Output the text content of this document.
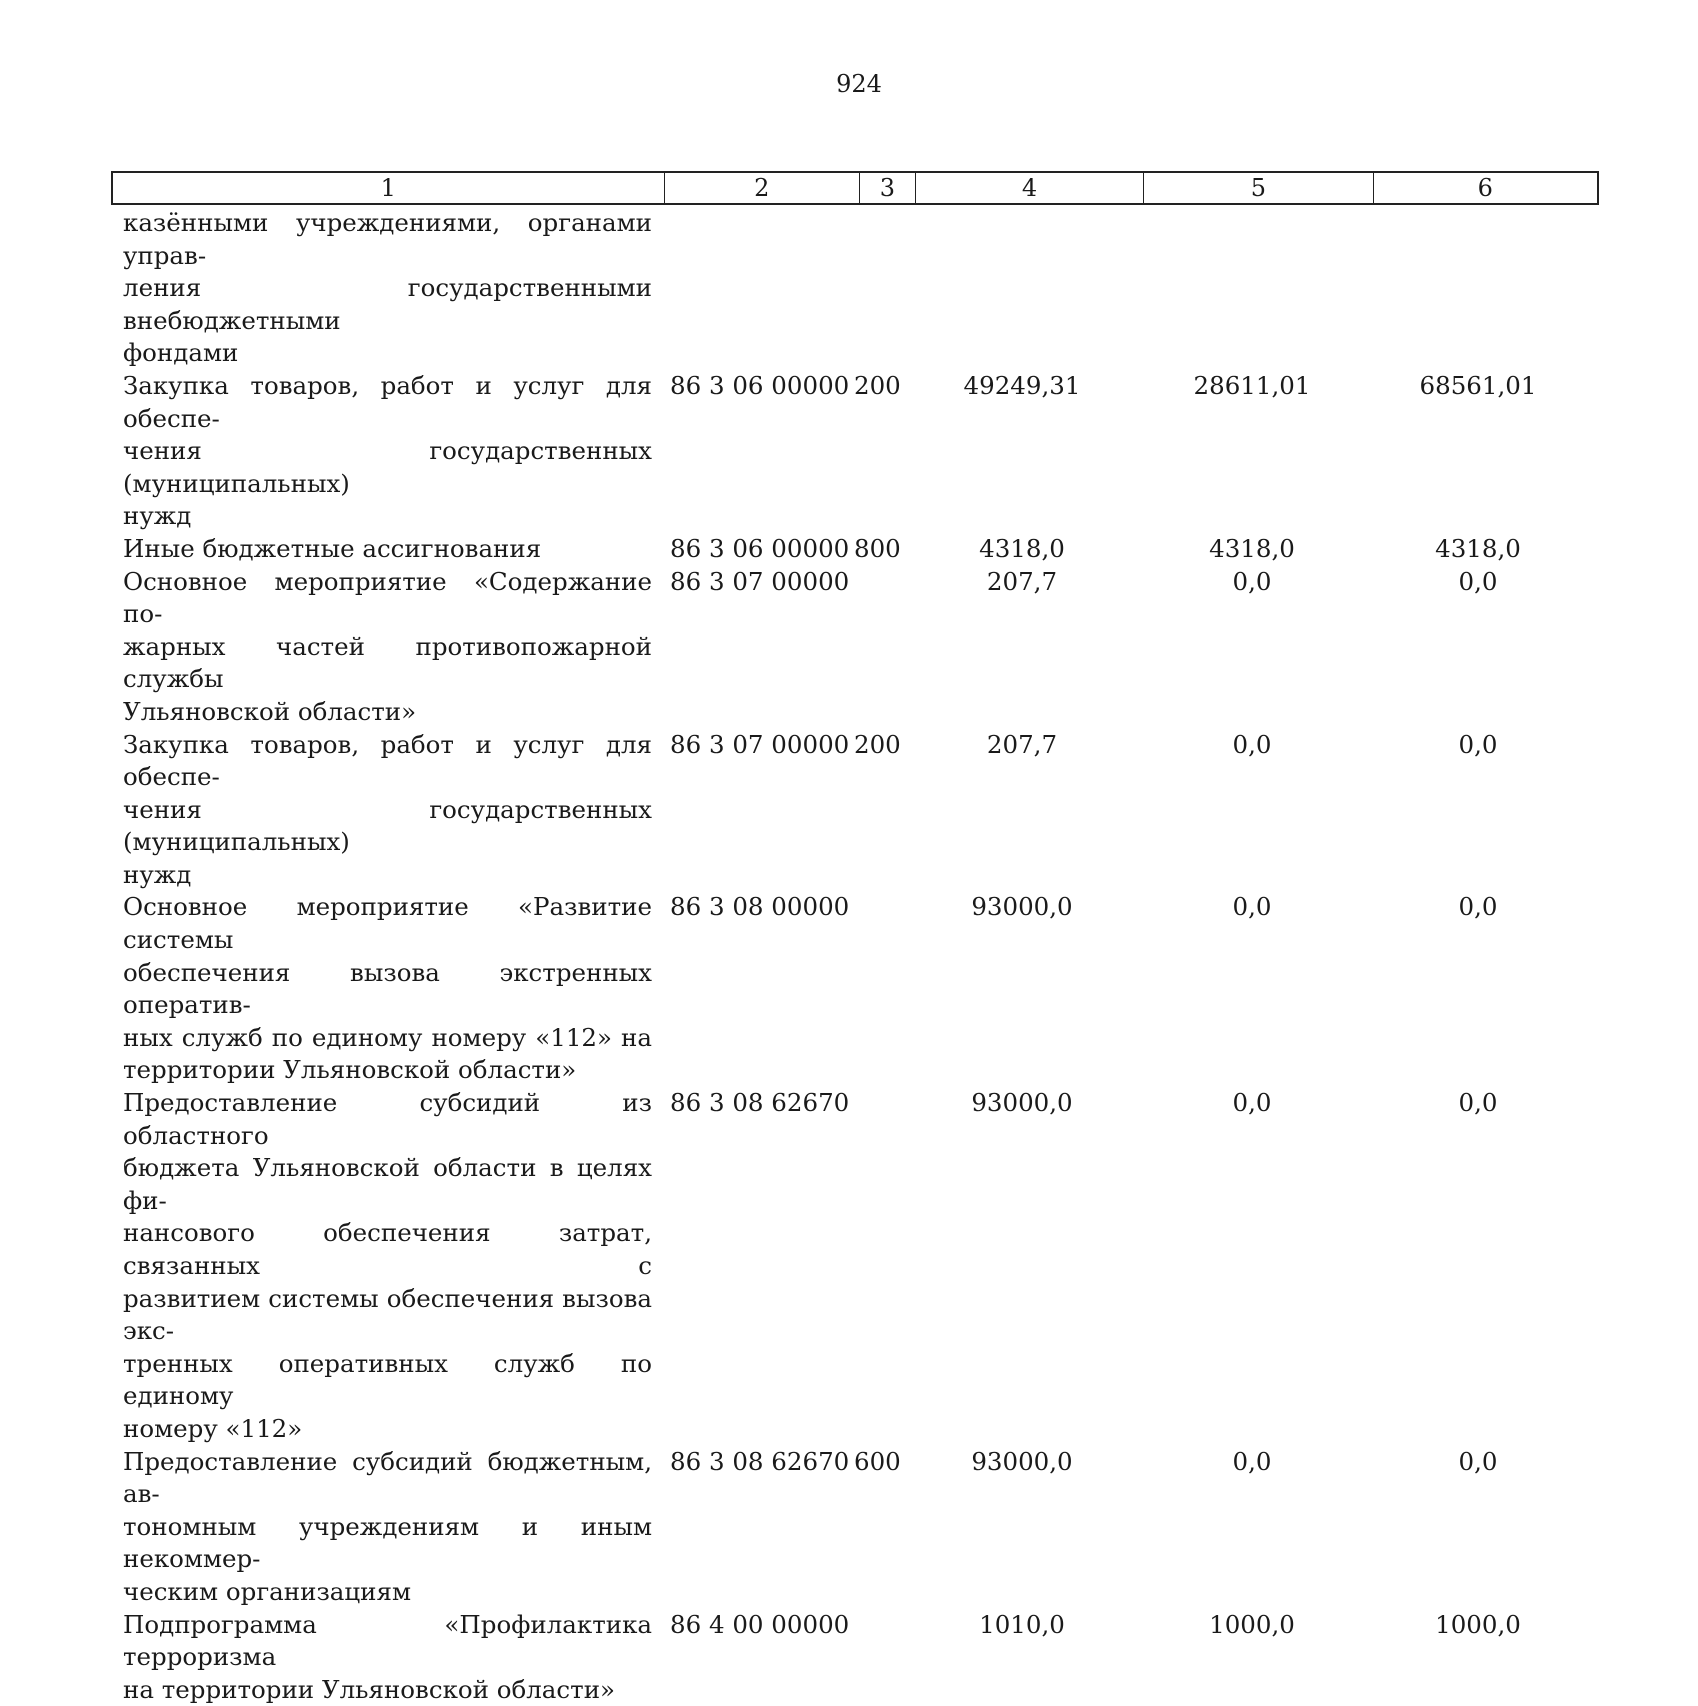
924
1	2	3	4	5	6
казёнными учреждениями, органами управ-
ления государственными внебюджетными
фондами
Закупка товаров, работ и услуг для обеспе-
чения государственных (муниципальных)
нужд
86 3 06 00000 200	49249,31	28611,01	68561,01
Иные бюджетные ассигнования	86 3 06 00000 800	4318,0	4318,0	4318,0
Основное мероприятие «Содержание по-
жарных частей противопожарной службы
Ульяновской области»
86 3 07 00000	207,7	0,0	0,0
Закупка товаров, работ и услуг для обеспе-
чения государственных (муниципальных)
нужд
86 3 07 00000 200	207,7	0,0	0,0
Основное мероприятие «Развитие системы
обеспечения вызова экстренных оператив-
ных служб по единому номеру «112» на
территории Ульяновской области»
86 3 08 00000	93000,0	0,0	0,0
Предоставление субсидий из областного
бюджета Ульяновской области в целях фи-
нансового обеспечения затрат, связанных с
развитием системы обеспечения вызова экс-
тренных оперативных служб по единому
номеру «112»
86 3 08 62670	93000,0	0,0	0,0
Предоставление субсидий бюджетным, ав-
тономным учреждениям и иным некоммер-
ческим организациям
86 3 08 62670 600	93000,0	0,0	0,0
Подпрограмма «Профилактика терроризма
на территории Ульяновской области»
86 4 00 00000	1010,0	1000,0	1000,0
